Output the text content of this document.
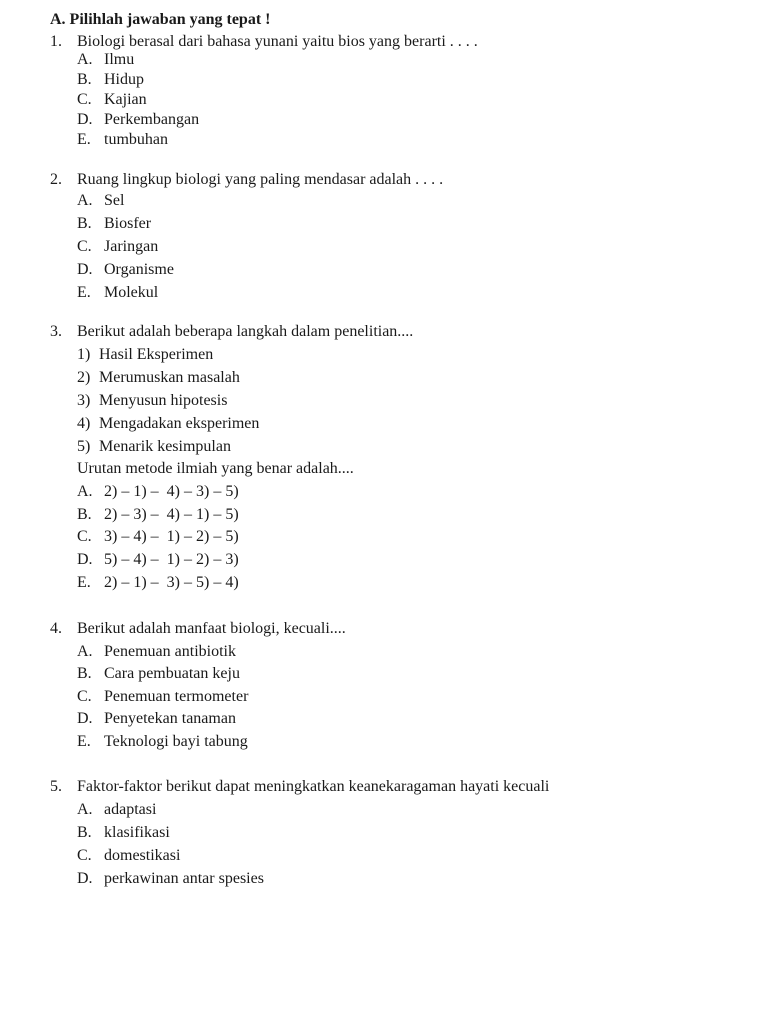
A. Pilihlah jawaban yang tepat !
1. Biologi berasal dari bahasa yunani yaitu bios yang berarti . . . .
A. Ilmu
B. Hidup
C. Kajian
D. Perkembangan
E. tumbuhan
2. Ruang lingkup biologi yang paling mendasar adalah . . . .
A. Sel
B. Biosfer
C. Jaringan
D. Organisme
E. Molekul
3. Berikut adalah beberapa langkah dalam penelitian....
1) Hasil Eksperimen
2) Merumuskan masalah
3) Menyusun hipotesis
4) Mengadakan eksperimen
5) Menarik kesimpulan
Urutan metode ilmiah yang benar adalah....
A. 2) – 1) –  4) – 3) – 5)
B. 2) – 3) –  4) – 1) – 5)
C. 3) – 4) –  1) – 2) – 5)
D. 5) – 4) –  1) – 2) – 3)
E. 2) – 1) –  3) – 5) – 4)
4. Berikut adalah manfaat biologi, kecuali....
A. Penemuan antibiotik
B. Cara pembuatan keju
C. Penemuan termometer
D. Penyetekan tanaman
E. Teknologi bayi tabung
5. Faktor-faktor berikut dapat meningkatkan keanekaragaman hayati kecuali
A. adaptasi
B. klasifikasi
C. domestikasi
D. perkawinan antar spesies
